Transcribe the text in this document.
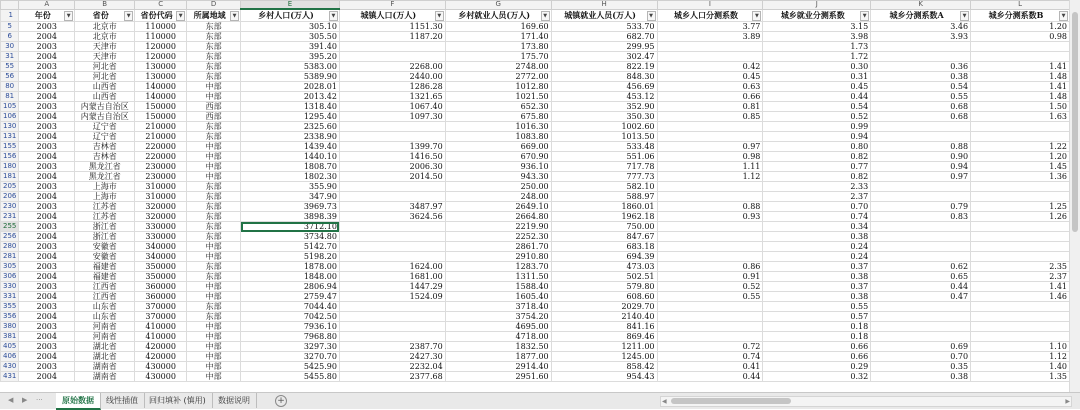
	A	B	C	D	E	F	G	H	I	J	K	L
1	年份 ▼	省份 ▼	省份代码 ▼	所属地域 ▼	乡村人口(万人) ▼	城镇人口(万人) ▼	乡村就业人员(万人) ▼	城镇就业人员(万人) ▼	城乡人口分测系数 ▼	城乡就业分测系数 ▼	城乡分测系数A ▼	城乡分测系数B ▼

5	2003	北京市	110000	东部	305.10	1151.30	169.60	533.70	3.77	3.15	3.46	1.20
6	2004	北京市	110000	东部	305.50	1187.20	171.40	682.70	3.89	3.98	3.93	0.98
30	2003	天津市	120000	东部	391.40		173.80	299.95		1.73		
31	2004	天津市	120000	东部	395.20		175.70	302.47		1.72		
55	2003	河北省	130000	东部	5383.00	2268.00	2748.00	822.19	0.42	0.30	0.36	1.41
56	2004	河北省	130000	东部	5389.90	2440.00	2772.00	848.30	0.45	0.31	0.38	1.48
80	2003	山西省	140000	中部	2028.01	1286.28	1012.80	456.69	0.63	0.45	0.54	1.41
81	2004	山西省	140000	中部	2013.42	1321.65	1021.50	453.12	0.66	0.44	0.55	1.48
105	2003	内蒙古自治区	150000	西部	1318.40	1067.40	652.30	352.90	0.81	0.54	0.68	1.50
106	2004	内蒙古自治区	150000	西部	1295.40	1097.30	675.80	350.30	0.85	0.52	0.68	1.63
130	2003	辽宁省	210000	东部	2325.60		1016.30	1002.60		0.99		
131	2004	辽宁省	210000	东部	2338.90		1083.80	1013.50		0.94		
155	2003	吉林省	220000	中部	1439.40	1399.70	669.00	533.48	0.97	0.80	0.88	1.22
156	2004	吉林省	220000	中部	1440.10	1416.50	670.90	551.06	0.98	0.82	0.90	1.20
180	2003	黑龙江省	230000	中部	1808.70	2006.30	936.10	717.78	1.11	0.77	0.94	1.45
181	2004	黑龙江省	230000	中部	1802.30	2014.50	943.30	777.73	1.12	0.82	0.97	1.36
205	2003	上海市	310000	东部	355.90		250.00	582.10		2.33		
206	2004	上海市	310000	东部	347.90		248.00	588.97		2.37		
230	2003	江苏省	320000	东部	3969.73	3487.97	2649.10	1860.01	0.88	0.70	0.79	1.25
231	2004	江苏省	320000	东部	3898.39	3624.56	2664.80	1962.18	0.93	0.74	0.83	1.26
255	2003	浙江省	330000	东部	3712.10		2219.90	750.00		0.34		
256	2004	浙江省	330000	东部	3734.80		2252.30	847.67		0.38		
280	2003	安徽省	340000	中部	5142.70		2861.70	683.18		0.24		
281	2004	安徽省	340000	中部	5198.20		2910.80	694.39		0.24		
305	2003	福建省	350000	东部	1878.00	1624.00	1283.70	473.03	0.86	0.37	0.62	2.35
306	2004	福建省	350000	东部	1848.00	1681.00	1311.50	502.51	0.91	0.38	0.65	2.37
330	2003	江西省	360000	中部	2806.94	1447.29	1588.40	579.80	0.52	0.37	0.44	1.41
331	2004	江西省	360000	中部	2759.47	1524.09	1605.40	608.60	0.55	0.38	0.47	1.46
355	2003	山东省	370000	东部	7044.40		3718.40	2029.70		0.55		
356	2004	山东省	370000	东部	7042.50		3754.20	2140.40		0.57		
380	2003	河南省	410000	中部	7936.10		4695.00	841.16		0.18		
381	2004	河南省	410000	中部	7968.80		4718.00	869.46		0.18		
405	2003	湖北省	420000	中部	3297.30	2387.70	1832.50	1211.00	0.72	0.66	0.69	1.10
406	2004	湖北省	420000	中部	3270.70	2427.30	1877.00	1245.00	0.74	0.66	0.70	1.12
430	2003	湖南省	430000	中部	5425.90	2232.04	2914.40	858.42	0.41	0.29	0.35	1.40
431	2004	湖南省	430000	中部	5455.80	2377.68	2951.60	954.43	0.44	0.32	0.38	1.35
◀ ▶ ···	原始数据	线性插值	回归填补 (慎用)	数据说明	+	◀	▶
